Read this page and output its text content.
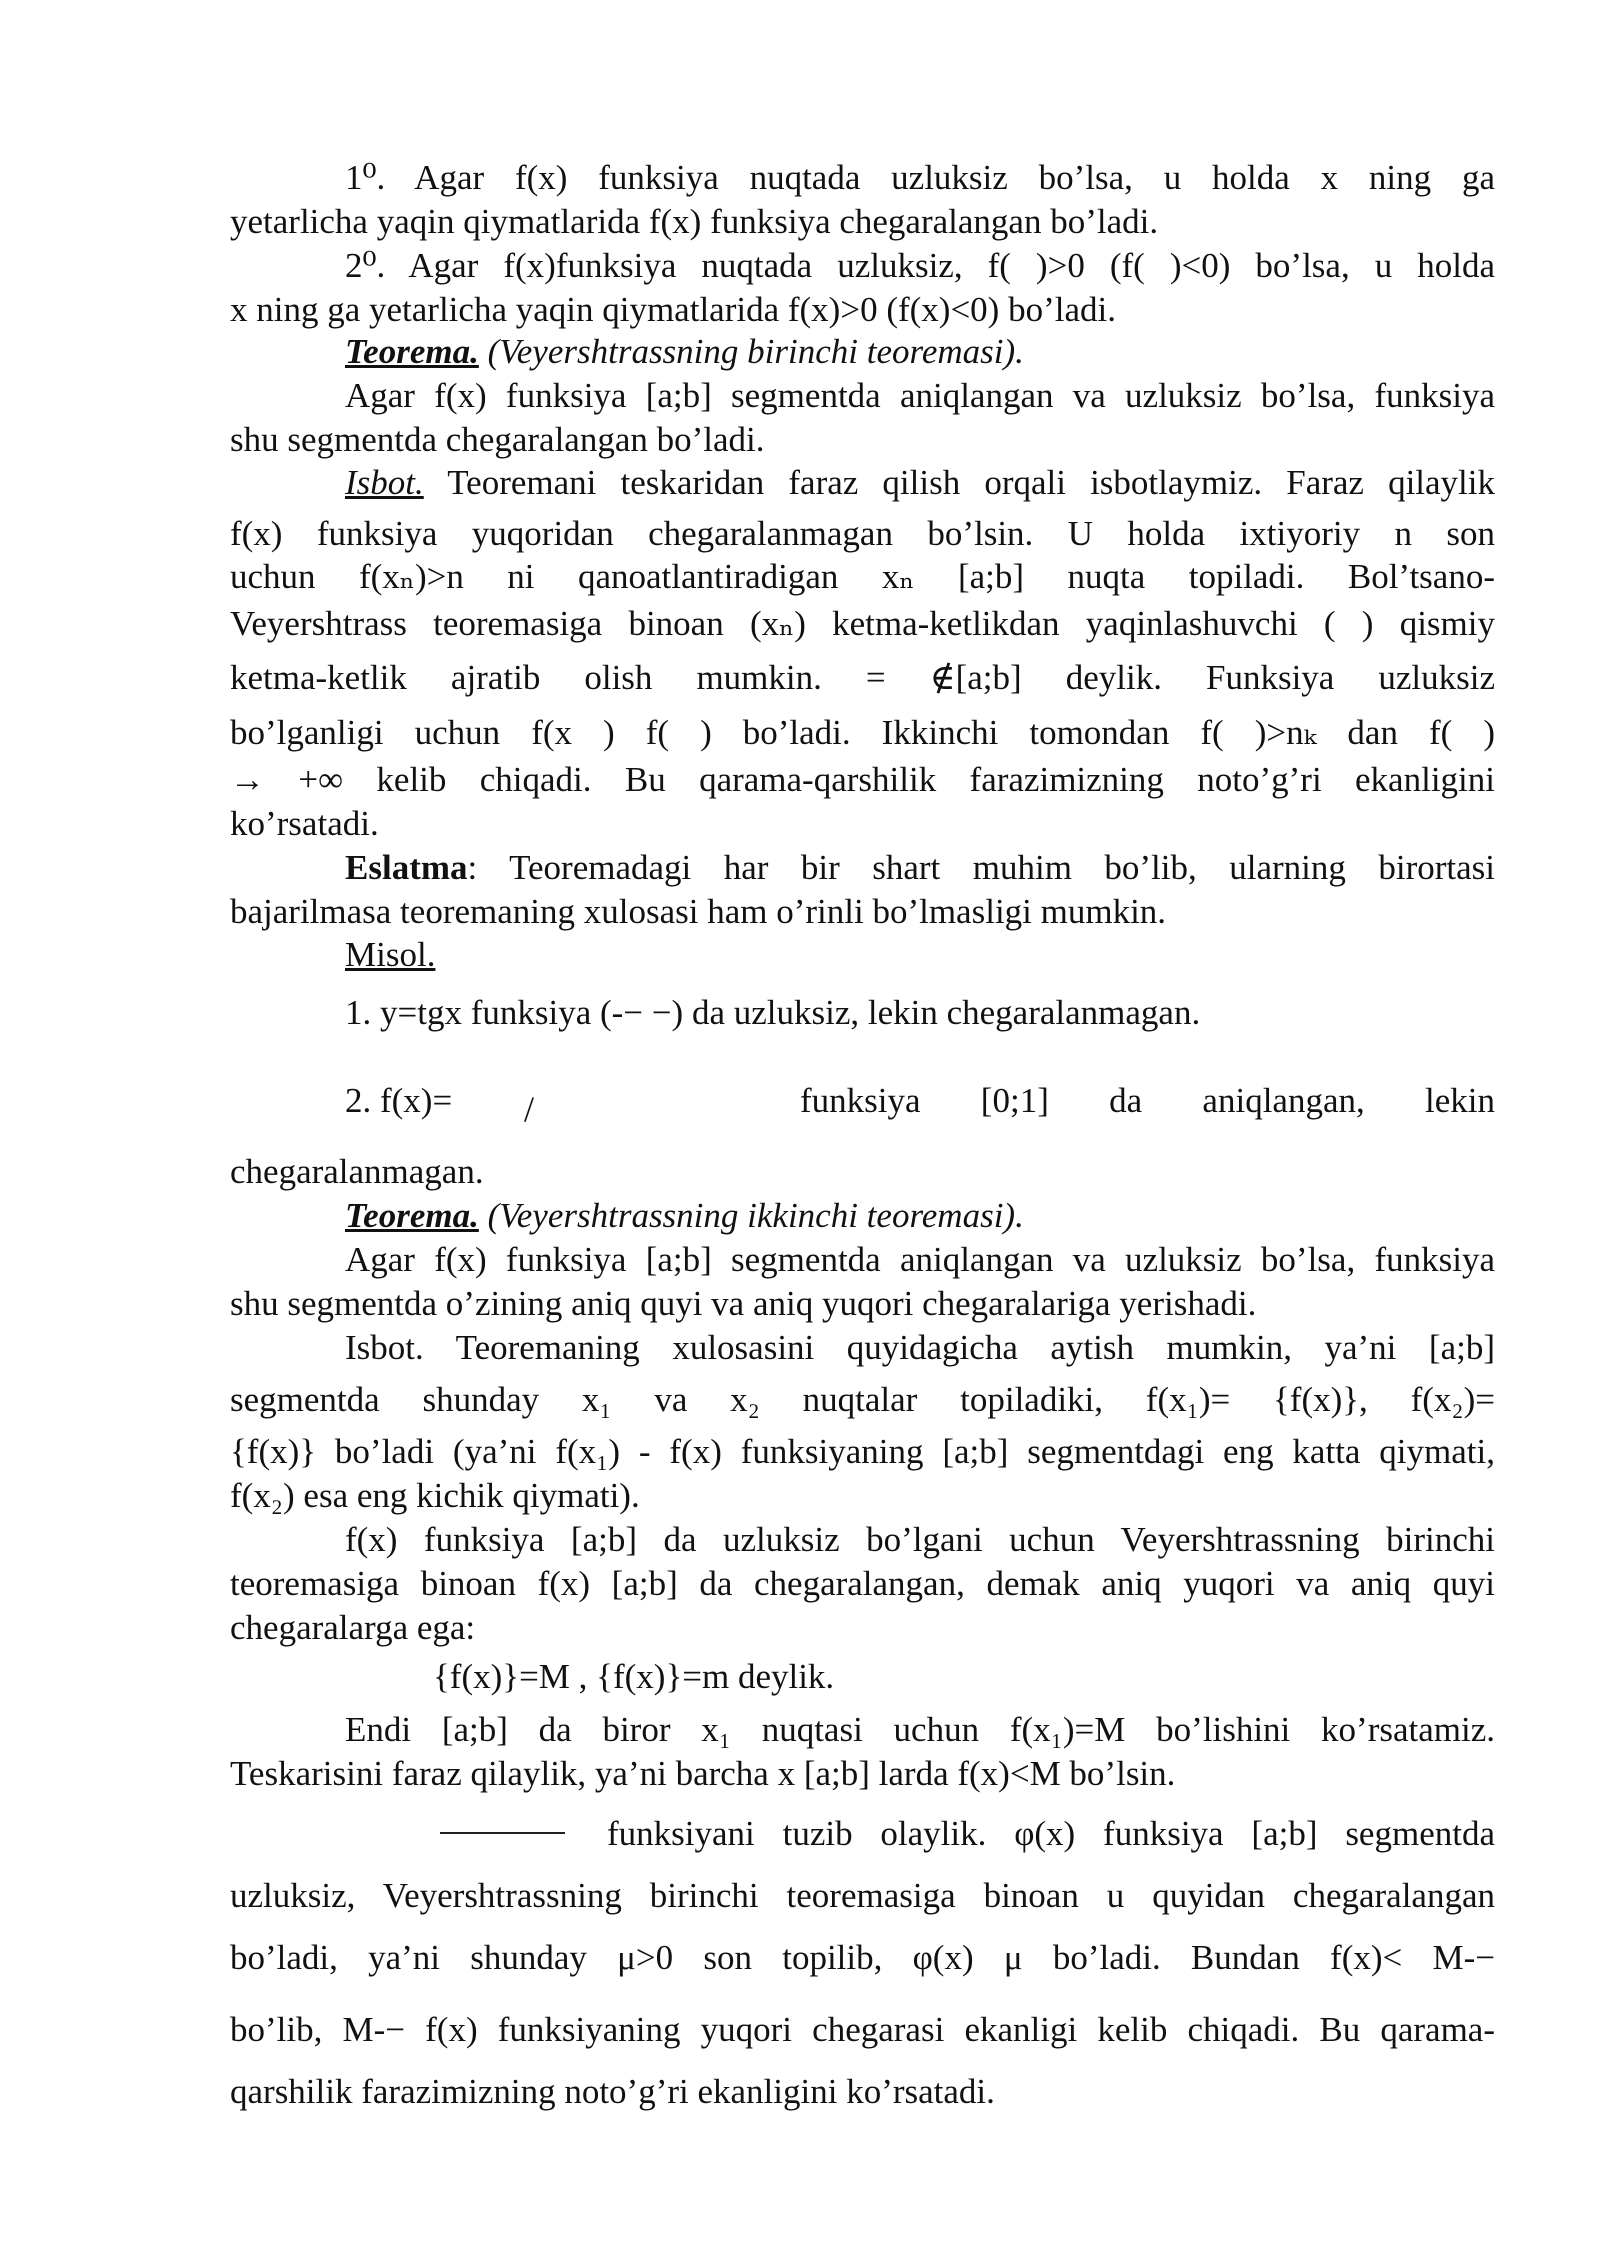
1⁰. Agar f(x) funksiya nuqtada uzluksiz bo’lsa, u holda x ning ga
yetarlicha yaqin qiymatlarida f(x) funksiya chegaralangan bo’ladi.
2⁰. Agar f(x)funksiya nuqtada uzluksiz, f( )>0 (f( )<0) bo’lsa, u holda
x ning ga yetarlicha yaqin qiymatlarida f(x)>0 (f(x)<0) bo’ladi.
Teorema. (Veyershtrassning birinchi teoremasi).
Agar f(x) funksiya [a;b] segmentda aniqlangan va uzluksiz bo’lsa, funksiya
shu segmentda chegaralangan bo’ladi.
Isbot. Teoremani teskaridan faraz qilish orqali isbotlaymiz. Faraz qilaylik
f(x) funksiya yuqoridan chegaralanmagan bo’lsin. U holda ixtiyoriy n son
uchun f(xₙ)>n ni qanoatlantiradigan xₙ [a;b] nuqta topiladi. Bol’tsano-
Veyershtrass teoremasiga binoan (xₙ) ketma-ketlikdan yaqinlashuvchi ( ) qismiy
ketma-ketlik ajratib olish mumkin. = ∉[a;b] deylik. Funksiya uzluksiz
bo’lganligi uchun f(x ) f( ) bo’ladi. Ikkinchi tomondan f( )>nₖ dan f( )
→ +∞ kelib chiqadi. Bu qarama-qarshilik farazimizning noto’g’ri ekanligini
ko’rsatadi.
Eslatma: Teoremadagi har bir shart muhim bo’lib, ularning birortasi
bajarilmasa teoremaning xulosasi ham o’rinli bo’lmasligi mumkin.
Misol.
1. y=tgx funksiya (-− −) da uzluksiz, lekin chegaralanmagan.
2. f(x)=	/	funksiya [0;1] da aniqlangan, lekin
chegaralanmagan.
Teorema. (Veyershtrassning ikkinchi teoremasi).
Agar f(x) funksiya [a;b] segmentda aniqlangan va uzluksiz bo’lsa, funksiya
shu segmentda o’zining aniq quyi va aniq yuqori chegaralariga yerishadi.
Isbot. Teoremaning xulosasini quyidagicha aytish mumkin, ya’ni [a;b]
segmentda shunday x₁ va x₂ nuqtalar topiladiki, f(x₁)= {f(x)}, f(x₂)=
{f(x)} bo’ladi (ya’ni f(x₁) - f(x) funksiyaning [a;b] segmentdagi eng katta qiymati,
f(x₂) esa eng kichik qiymati).
f(x) funksiya [a;b] da uzluksiz bo’lgani uchun Veyershtrassning birinchi
teoremasiga binoan f(x) [a;b] da chegaralangan, demak aniq yuqori va aniq quyi
chegaralarga ega:
{f(x)}=M , {f(x)}=m deylik.
Endi [a;b] da biror x₁ nuqtasi uchun f(x₁)=M bo’lishini ko’rsatamiz.
Teskarisini faraz qilaylik, ya’ni barcha x [a;b] larda f(x)<M bo’lsin.
funksiyani tuzib olaylik. φ(x) funksiya [a;b] segmentda
uzluksiz, Veyershtrassning birinchi teoremasiga binoan u quyidan chegaralangan
bo’ladi, ya’ni shunday μ>0 son topilib, φ(x) μ bo’ladi. Bundan f(x)< M-−
bo’lib, M-− f(x) funksiyaning yuqori chegarasi ekanligi kelib chiqadi. Bu qarama-
qarshilik farazimizning noto’g’ri ekanligini ko’rsatadi.
